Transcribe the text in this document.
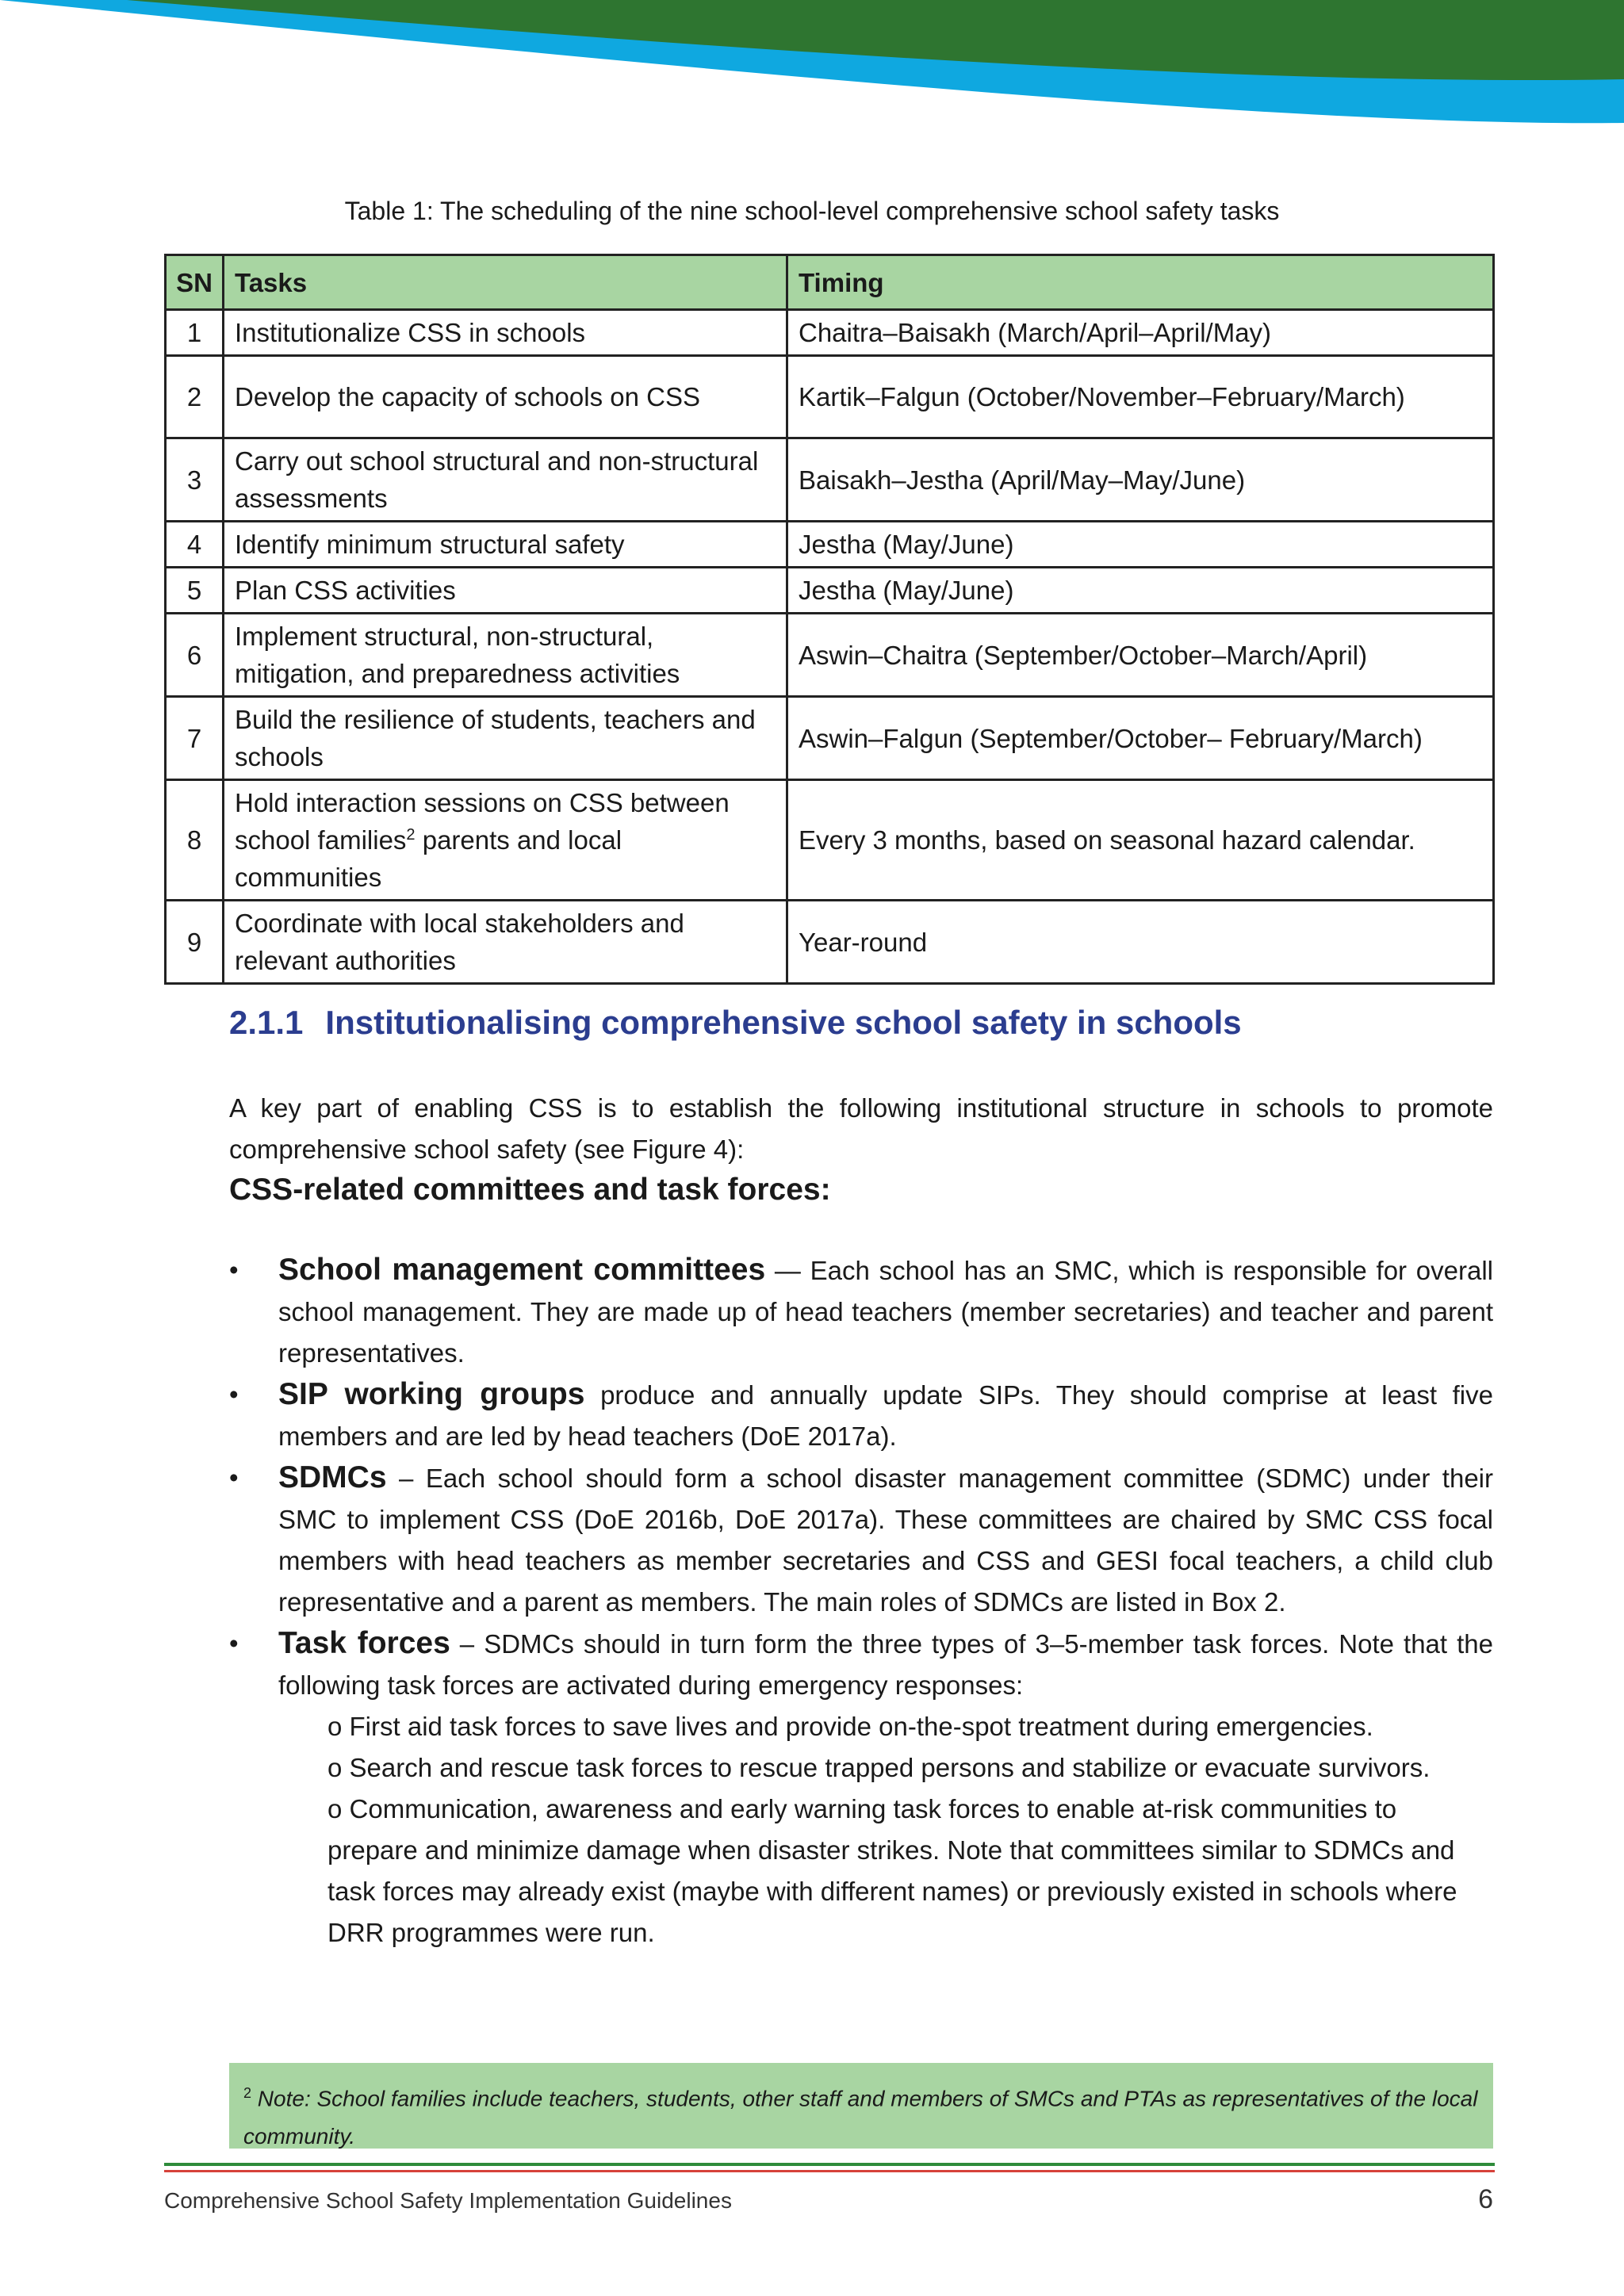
Table 1: The scheduling of the nine school-level comprehensive school safety tasks
SN	Tasks	Timing
1	Institutionalize CSS in schools	Chaitra–Baisakh (March/April–April/May)
2	Develop the capacity of schools on CSS	Kartik–Falgun (October/November–February/March)
3	Carry out school structural and non-structural assessments	Baisakh–Jestha (April/May–May/June)
4	Identify minimum structural safety	Jestha (May/June)
5	Plan CSS activities	Jestha (May/June)
6	Implement structural, non-structural, mitigation, and preparedness activities	Aswin–Chaitra (September/October–March/April)
7	Build the resilience of students, teachers and schools	Aswin–Falgun (September/October– February/March)
8	Hold interaction sessions on CSS between school families$^2$ parents and local communities	Every 3 months, based on seasonal hazard calendar.
9	Coordinate with local stakeholders and relevant authorities	Year-round
2.1.1 Institutionalising comprehensive school safety in schools
A key part of enabling CSS is to establish the following institutional structure in schools to promote comprehensive school safety (see Figure 4):
CSS-related committees and task forces:
• School management committees — Each school has an SMC, which is responsible for overall school management. They are made up of head teachers (member secretaries) and teacher and parent representatives.
• SIP working groups produce and annually update SIPs. They should comprise at least five members and are led by head teachers (DoE 2017a).
• SDMCs – Each school should form a school disaster management committee (SDMC) under their SMC to implement CSS (DoE 2016b, DoE 2017a). These committees are chaired by SMC CSS focal members with head teachers as member secretaries and CSS and GESI focal teachers, a child club representative and a parent as members. The main roles of SDMCs are listed in Box 2.
• Task forces – SDMCs should in turn form the three types of 3–5-member task forces. Note that the following task forces are activated during emergency responses:
o First aid task forces to save lives and provide on-the-spot treatment during emergencies.
o Search and rescue task forces to rescue trapped persons and stabilize or evacuate survivors.
o Communication, awareness and early warning task forces to enable at-risk communities to prepare and minimize damage when disaster strikes. Note that committees similar to SDMCs and task forces may already exist (maybe with different names) or previously existed in schools where DRR programmes were run.
$^2$ Note: School families include teachers, students, other staff and members of SMCs and PTAs as representatives of the local community.
Comprehensive School Safety Implementation Guidelines	6
